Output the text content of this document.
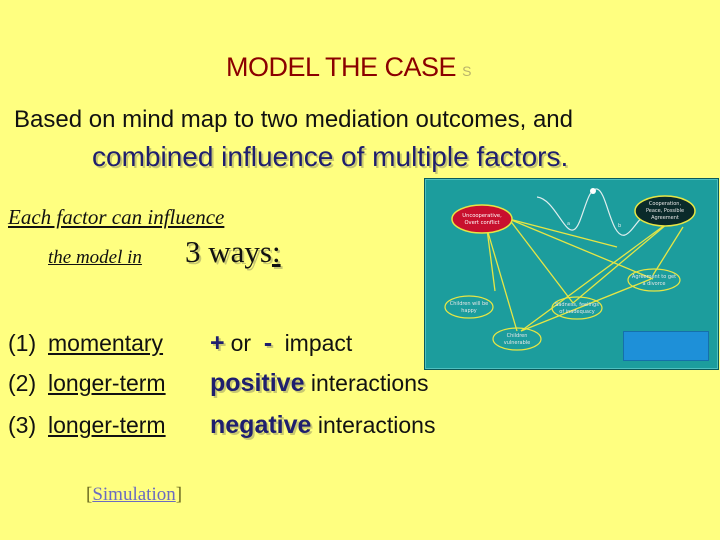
MODEL THE CASE S
Based on mind map to two mediation outcomes, and
combined influence of multiple factors.
Each factor can influence
the model in 3 ways:
(1) momentary + or - impact
(2) longer-term positive interactions
(3) longer-term negative interactions
[Simulation]
a	b
Uncooperative,
Overt conflict
Cooperation,
Peace, Possible
Agreement
Agreement to get
a divorce
Sadness, feelings
of inadequacy
Children will be
happy
Children
vulnerable
